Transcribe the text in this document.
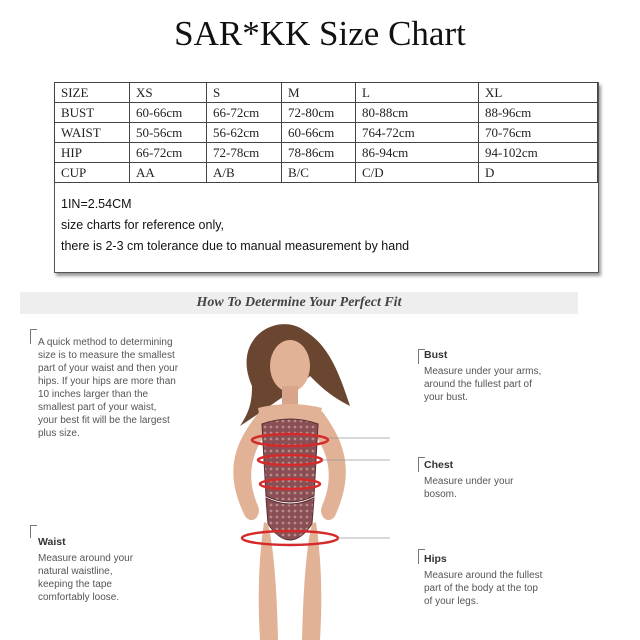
SAR*KK Size Chart
SIZE	XS	S	M	L	XL
BUST	60-66cm	66-72cm	72-80cm	80-88cm	88-96cm
WAIST	50-56cm	56-62cm	60-66cm	764-72cm	70-76cm
HIP	66-72cm	72-78cm	78-86cm	86-94cm	94-102cm
CUP	AA	A/B	B/C	C/D	D
1IN=2.54CM
size charts for reference only,
there is 2-3 cm tolerance due to manual measurement by hand
How To Determine Your Perfect Fit
A quick method to determining
size is to measure the smallest
part of your waist and then your
hips. If your hips are more than
10 inches larger than the
smallest part of your waist,
your best fit will be the largest
plus size.
Waist
Measure around your
natural waistline,
keeping the tape
comfortably loose.
Bust
Measure under your arms,
around the fullest part of
your bust.
Chest
Measure under your
bosom.
Hips
Measure around the fullest
part of the body at the top
of your legs.
